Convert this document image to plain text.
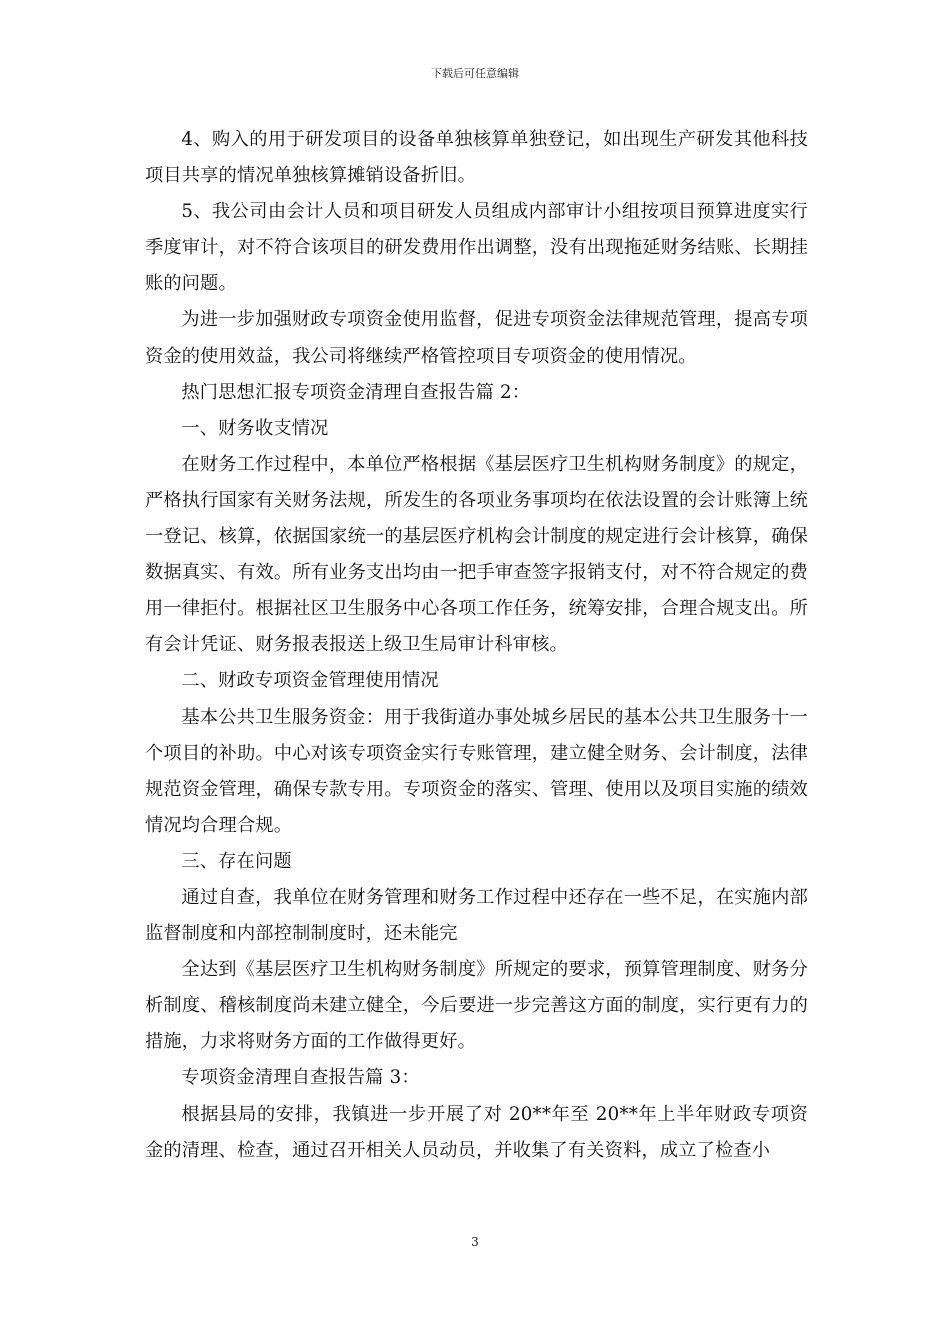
下载后可任意编辑

4、购入的用于研发项目的设备单独核算单独登记，如出现生产研发其他科技项目共享的情况单独核算摊销设备折旧。

5、我公司由会计人员和项目研发人员组成内部审计小组按项目预算进度实行季度审计，对不符合该项目的研发费用作出调整，没有出现拖延财务结账、长期挂账的问题。

为进一步加强财政专项资金使用监督，促进专项资金法律规范管理，提高专项资金的使用效益，我公司将继续严格管控项目专项资金的使用情况。

热门思想汇报专项资金清理自查报告篇 2：

一、财务收支情况

在财务工作过程中，本单位严格根据《基层医疗卫生机构财务制度》的规定，严格执行国家有关财务法规，所发生的各项业务事项均在依法设置的会计账簿上统一登记、核算，依据国家统一的基层医疗机构会计制度的规定进行会计核算，确保数据真实、有效。所有业务支出均由一把手审查签字报销支付，对不符合规定的费用一律拒付。根据社区卫生服务中心各项工作任务，统筹安排，合理合规支出。所有会计凭证、财务报表报送上级卫生局审计科审核。

二、财政专项资金管理使用情况

基本公共卫生服务资金：用于我街道办事处城乡居民的基本公共卫生服务十一个项目的补助。中心对该专项资金实行专账管理，建立健全财务、会计制度，法律规范资金管理，确保专款专用。专项资金的落实、管理、使用以及项目实施的绩效情况均合理合规。

三、存在问题

通过自查，我单位在财务管理和财务工作过程中还存在一些不足，在实施内部监督制度和内部控制制度时，还未能完

全达到《基层医疗卫生机构财务制度》所规定的要求，预算管理制度、财务分析制度、稽核制度尚未建立健全，今后要进一步完善这方面的制度，实行更有力的措施，力求将财务方面的工作做得更好。

专项资金清理自查报告篇 3：

根据县局的安排，我镇进一步开展了对 20**年至 20**年上半年财政专项资金的清理、检查，通过召开相关人员动员，并收集了有关资料，成立了检查小

3
